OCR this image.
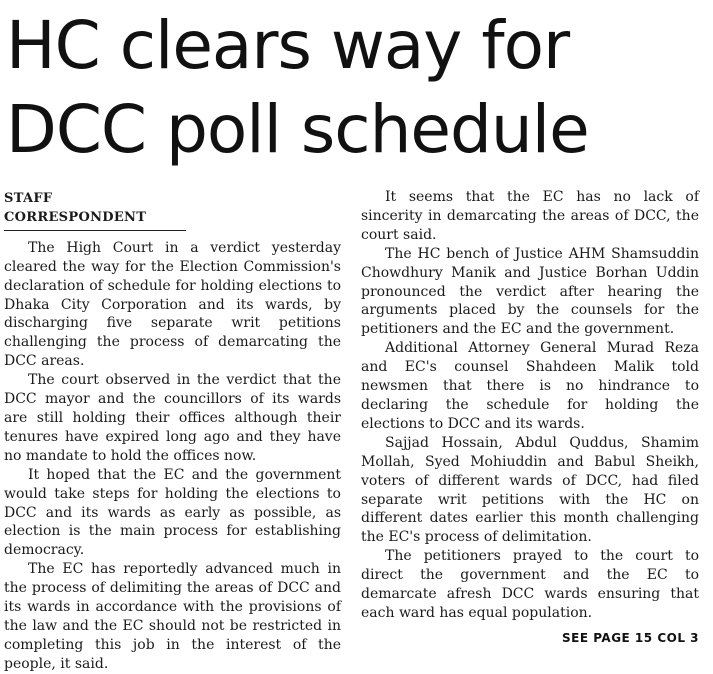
HC clears way for
DCC poll schedule
STAFF CORRESPONDENT

The High Court in a verdict yesterday cleared the way for the Election Commission's declaration of schedule for holding elections to Dhaka City Corporation and its wards, by discharging five separate writ petitions challenging the process of demarcating the DCC areas.

The court observed in the verdict that the DCC mayor and the councillors of its wards are still holding their offices although their tenures have expired long ago and they have no mandate to hold the offices now.

It hoped that the EC and the government would take steps for holding the elections to DCC and its wards as early as possible, as election is the main process for establishing democracy.

The EC has reportedly advanced much in the process of delimiting the areas of DCC and its wards in accordance with the provisions of the law and the EC should not be restricted in completing this job in the interest of the people, it said.

It seems that the EC has no lack of sincerity in demarcating the areas of DCC, the court said.

The HC bench of Justice AHM Shamsuddin Chowdhury Manik and Justice Borhan Uddin pronounced the verdict after hearing the arguments placed by the counsels for the petitioners and the EC and the government.

Additional Attorney General Murad Reza and EC's counsel Shahdeen Malik told newsmen that there is no hindrance to declaring the schedule for holding the elections to DCC and its wards.

Sajjad Hossain, Abdul Quddus, Shamim Mollah, Syed Mohiuddin and Babul Sheikh, voters of different wards of DCC, had filed separate writ petitions with the HC on different dates earlier this month challenging the EC's process of delimitation.

The petitioners prayed to the court to direct the government and the EC to demarcate afresh DCC wards ensuring that each ward has equal population.

SEE PAGE 15 COL 3
